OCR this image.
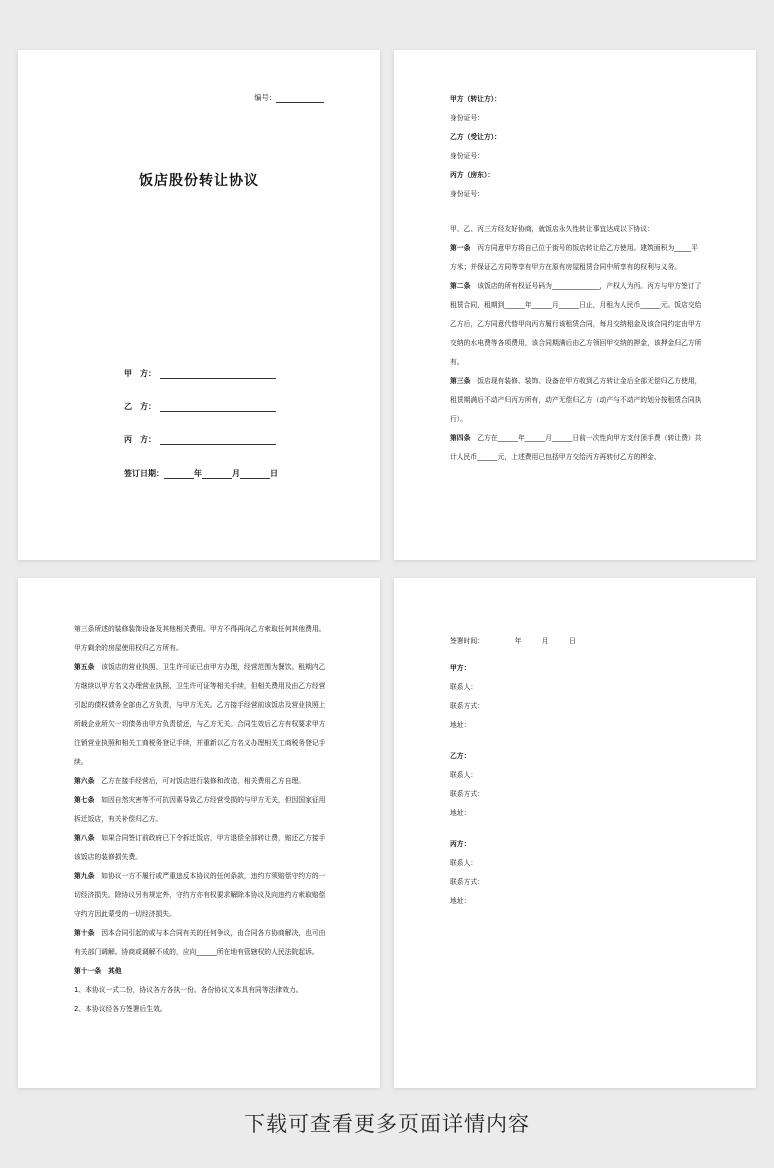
编号：
饭店股份转让协议
甲　方：
乙　方：
丙　方：
签订日期：	年	月	日

甲方（转让方）：

身份证号：

乙方（受让方）：

身份证号：

丙方（房东）：

身份证号：

甲、乙、丙三方经友好协商，就饭店永久性转让事宜达成以下协议：

第一条　 丙方同意甲方将自己位于街号的饭店转让给乙方使用。建筑面积为_____平方米；并保证乙方同等享有甲方在原有房屋租赁合同中所享有的权利与义务。

第二条　 该饭店的所有权证号码为______________，产权人为丙。丙方与甲方签订了租赁合同，租期到______年______月______日止，月租为人民币______元。饭店交给乙方后，乙方同意代替甲向丙方履行该租赁合同，每月交纳租金及该合同约定由甲方交纳的水电费等各项费用，该合同期满后由乙方领回甲交纳的押金，该押金归乙方所有。

第三条　 饭店现有装修、装饰、设备在甲方收到乙方转让金后全部无偿归乙方使用，租赁期满后不动产归丙方所有，动产无偿归乙方（动产与不动产的划分按租赁合同执行）。

第四条　 乙方在______年______月______日前一次性向甲方支付顶手费（转让费）共计人民币______元，上述费用已包括甲方交给丙方再转付乙方的押金、

第三条所述的装修装饰设备及其他相关费用。甲方不得再向乙方索取任何其他费用。甲方剩余的房屋使用权归乙方所有。

第五条　 该饭店的营业执照、卫生许可证已由甲方办理，经营范围为餐饮。租期内乙方继续以甲方名义办理营业执照、卫生许可证等相关手续，但相关费用及由乙方经营引起的债权债务全部由乙方负责，与甲方无关。乙方接手经营前该饭店及营业执照上所载企业所欠一切债务由甲方负责偿还，与乙方无关。合同生效后乙方有权要求甲方注销营业执照和相关工商税务登记手续，并重新以乙方名义办理相关工商税务登记手续。

第六条　 乙方在接手经营后，可对饭店进行装修和改造，相关费用乙方自理。

第七条　 如因自然灾害等不可抗因素导致乙方经营受损的与甲方无关，但因国家征用拆迁饭店，有关补偿归乙方。

第八条　 如果合同签订前政府已下令拆迁饭店，甲方退偿全部转让费，赔还乙方接手该饭店的装修损失费。

第九条　 如协议一方不履行或严重违反本协议的任何条款，违约方须赔偿守约方的一切经济损失。除协议另有规定外，守约方亦有权要求解除本协议及向违约方索取赔偿守约方因此蒙受的一切经济损失。

第十条　 因本合同引起的或与本合同有关的任何争议，由合同各方协商解决，也可由有关部门调解。协商或调解不成的，应向______所在地有管辖权的人民法院起诉。

第十一条　其他　

1、本协议一式二份，协议各方各执一份。各份协议文本具有同等法律效力。

2、本协议经各方签署后生效。

签署时间：　　　　　年　　　月　　　日

甲方：

联系人：

联系方式：

地址：

乙方：

联系人：

联系方式：

地址：

丙方：

联系人：

联系方式：

地址：

下载可查看更多页面详情内容
